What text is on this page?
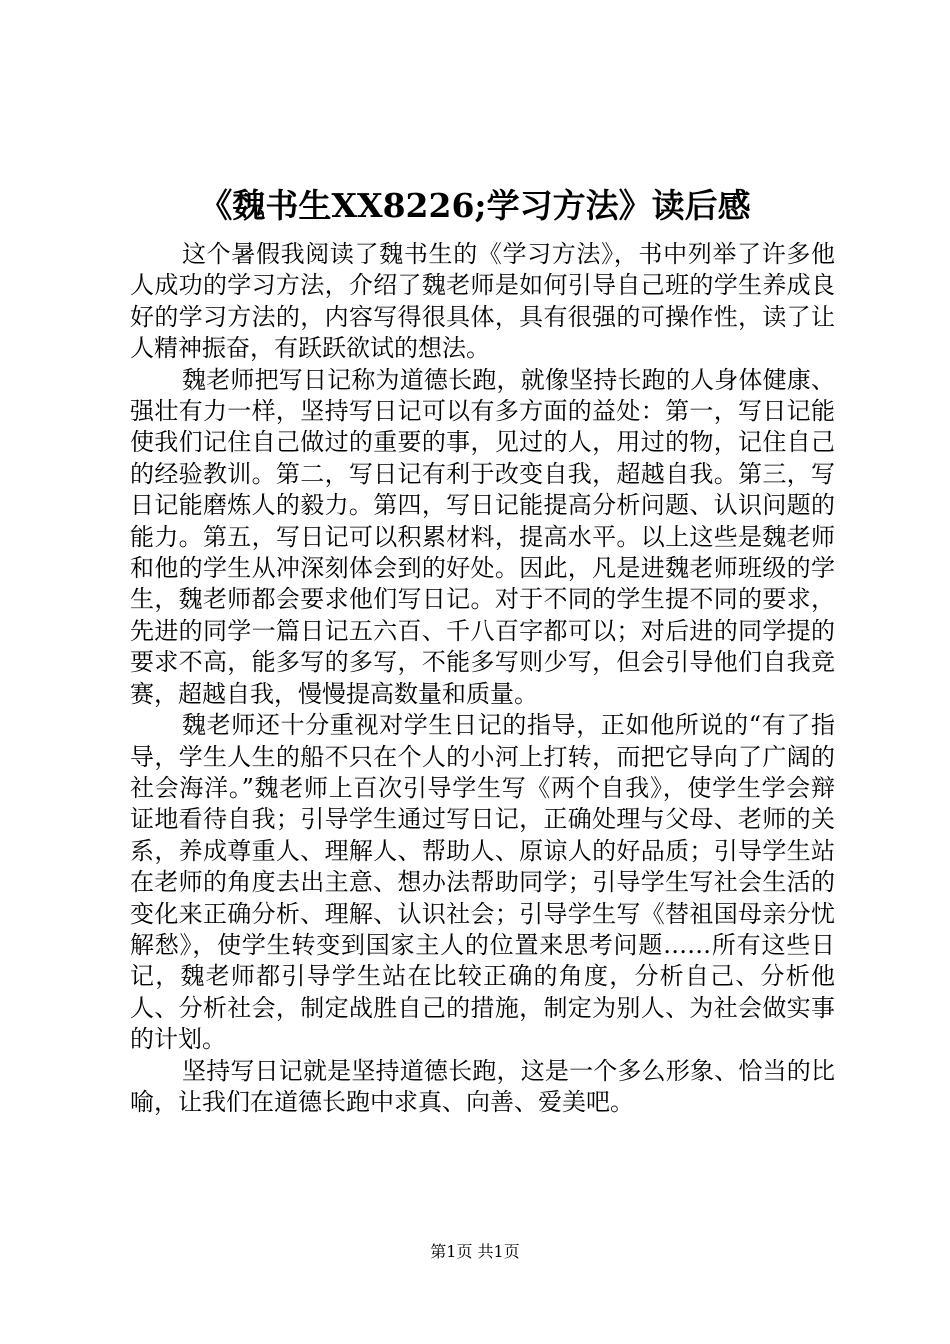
《魏书生XX8226;学习方法》读后感

这个暑假我阅读了魏书生的《学习方法》，书中列举了许多他人成功的学习方法，介绍了魏老师是如何引导自己班的学生养成良好的学习方法的，内容写得很具体，具有很强的可操作性，读了让人精神振奋，有跃跃欲试的想法。

魏老师把写日记称为道德长跑，就像坚持长跑的人身体健康、强壮有力一样，坚持写日记可以有多方面的益处：第一，写日记能使我们记住自己做过的重要的事，见过的人，用过的物，记住自己的经验教训。第二，写日记有利于改变自我，超越自我。第三，写日记能磨炼人的毅力。第四，写日记能提高分析问题、认识问题的能力。第五，写日记可以积累材料，提高水平。以上这些是魏老师和他的学生从冲深刻体会到的好处。因此，凡是进魏老师班级的学生，魏老师都会要求他们写日记。对于不同的学生提不同的要求，先进的同学一篇日记五六百、千八百字都可以；对后进的同学提的要求不高，能多写的多写，不能多写则少写，但会引导他们自我竞赛，超越自我，慢慢提高数量和质量。

魏老师还十分重视对学生日记的指导，正如他所说的“有了指导，学生人生的船不只在个人的小河上打转，而把它导向了广阔的社会海洋。”魏老师上百次引导学生写《两个自我》，使学生学会辩证地看待自我；引导学生通过写日记，正确处理与父母、老师的关系，养成尊重人、理解人、帮助人、原谅人的好品质；引导学生站在老师的角度去出主意、想办法帮助同学；引导学生写社会生活的变化来正确分析、理解、认识社会；引导学生写《替祖国母亲分忧解愁》，使学生转变到国家主人的位置来思考问题……所有这些日记，魏老师都引导学生站在比较正确的角度，分析自己、分析他人、分析社会，制定战胜自己的措施，制定为别人、为社会做实事的计划。

坚持写日记就是坚持道德长跑，这是一个多么形象、恰当的比喻，让我们在道德长跑中求真、向善、爱美吧。

第1页 共1页
